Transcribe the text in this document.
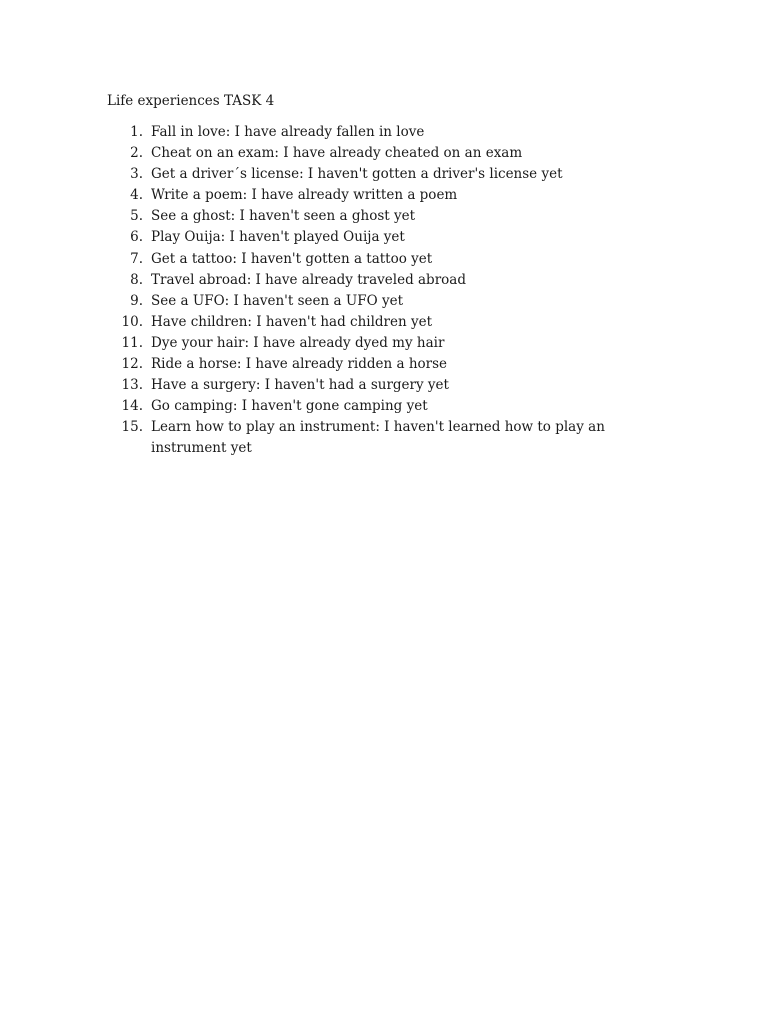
Life experiences TASK 4
1. Fall in love: I have already fallen in love
2. Cheat on an exam: I have already cheated on an exam
3. Get a driver´s license: I haven't gotten a driver's license yet
4. Write a poem: I have already written a poem
5. See a ghost: I haven't seen a ghost yet
6. Play Ouija: I haven't played Ouija yet
7. Get a tattoo: I haven't gotten a tattoo yet
8. Travel abroad: I have already traveled abroad
9. See a UFO: I haven't seen a UFO yet
10. Have children: I haven't had children yet
11. Dye your hair: I have already dyed my hair
12. Ride a horse: I have already ridden a horse
13. Have a surgery: I haven't had a surgery yet
14. Go camping: I haven't gone camping yet
15. Learn how to play an instrument: I haven't learned how to play an instrument yet
